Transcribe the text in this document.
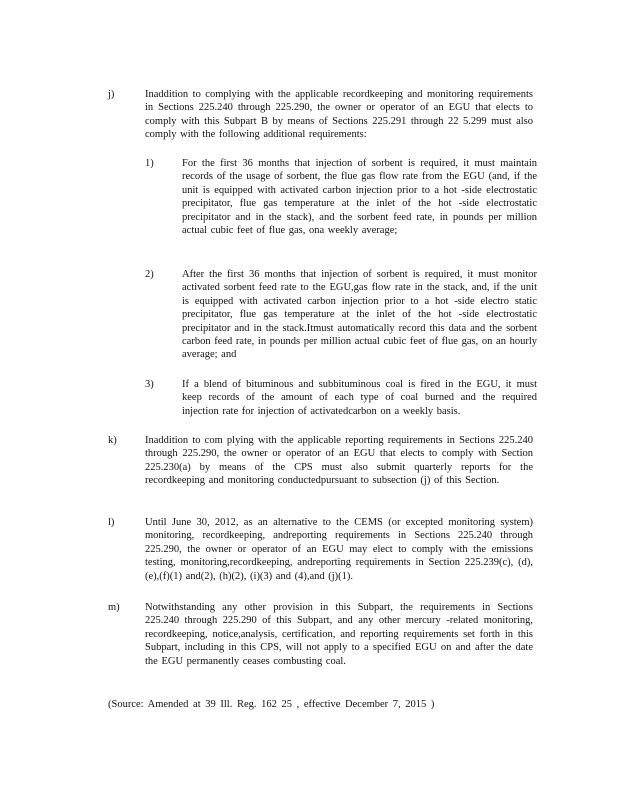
j)	Inaddition to complying with the applicable recordkeeping and monitoring requirements in Sections 225.240 through 225.290, the owner or operator of an EGU that elects to comply with this Subpart B by means of Sections 225.291 through 22 5.299 must also comply with the following additional requirements:
1)	For the first 36 months that injection of sorbent is required, it must maintain records of the usage of sorbent, the flue gas flow rate from the EGU (and, if the unit is equipped with activated carbon injection prior to a hot -side electrostatic precipitator, flue gas temperature at the inlet of the hot -side electrostatic precipitator and in the stack), and the sorbent feed rate, in pounds per million actual cubic feet of flue gas, ona weekly average;
2)	After the first 36 months that injection of sorbent is required, it must monitor activated sorbent feed rate to the EGU,gas flow rate in the stack, and, if the unit is equipped with activated carbon injection prior to a hot -side electro static precipitator, flue gas temperature at the inlet of the hot -side electrostatic precipitator and in the stack.Itmust automatically record this data and the sorbent carbon feed rate, in pounds per million actual cubic feet of flue gas, on an hourly average; and
3)	If a blend of bituminous and subbituminous coal is fired in the EGU, it must keep records of the amount of each type of coal burned and the required injection rate for injection of activatedcarbon on a weekly basis.
k)	Inaddition to com plying with the applicable reporting requirements in Sections 225.240 through 225.290, the owner or operator of an EGU that elects to comply with Section 225.230(a) by means of the CPS must also submit quarterly reports for the recordkeeping and monitoring conductedpursuant to subsection (j) of this Section.
l)	Until June 30, 2012, as an alternative to the CEMS (or excepted monitoring system) monitoring, recordkeeping, andreporting requirements in Sections 225.240 through 225.290, the owner or operator of an EGU may elect to comply with the emissions testing, monitoring,recordkeeping, andreporting requirements in Section 225.239(c), (d), (e),(f)(1) and(2), (h)(2), (i)(3) and (4),and (j)(1).
m) Notwithstanding any other provision in this Subpart, the requirements in Sections 225.240 through 225.290 of this Subpart, and any other mercury -related monitoring, recordkeeping, notice,analysis, certification, and reporting requirements set forth in this Subpart, including in this CPS, will not apply to a specified EGU on and after the date the EGU permanently ceases combusting coal.
(Source: Amended at 39 Ill. Reg. 162 25 , effective December 7, 2015 )
